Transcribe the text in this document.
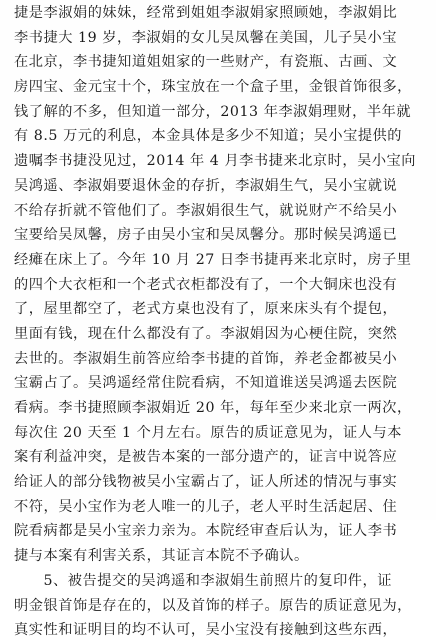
捷是李淑娟的妹妹，经常到姐姐李淑娟家照顾她，李淑娟比
李书捷大 19 岁，李淑娟的女儿吴凤馨在美国，儿子吴小宝
在北京，李书捷知道姐姐家的一些财产，有瓷瓶、古画、文
房四宝、金元宝十个，珠宝放在一个盒子里，金银首饰很多，
钱了解的不多，但知道一部分，2013 年李淑娟理财，半年就
有 8.5 万元的利息，本金具体是多少不知道；吴小宝提供的
遗嘱李书捷没见过，2014 年 4 月李书捷来北京时，吴小宝向
吴鸿遥、李淑娟要退休金的存折，李淑娟生气，吴小宝就说
不给存折就不管他们了。李淑娟很生气，就说财产不给吴小
宝要给吴凤馨，房子由吴小宝和吴凤馨分。那时候吴鸿遥已
经瘫在床上了。今年 10 月 27 日李书捷再来北京时，房子里
的四个大衣柜和一个老式衣柜都没有了，一个大铜床也没有
了，屋里都空了，老式方桌也没有了，原来床头有个提包，
里面有钱，现在什么都没有了。李淑娟因为心梗住院，突然
去世的。李淑娟生前答应给李书捷的首饰，养老金都被吴小
宝霸占了。吴鸿遥经常住院看病，不知道谁送吴鸿遥去医院
看病。李书捷照顾李淑娟近 20 年，每年至少来北京一两次，
每次住 20 天至 1 个月左右。原告的质证意见为，证人与本
案有利益冲突，是被告本案的一部分遗产的，证言中说答应
给证人的部分钱物被吴小宝霸占了，证人所述的情况与事实
不符，吴小宝作为老人唯一的儿子，老人平时生活起居、住
院看病都是吴小宝亲力亲为。本院经审查后认为，证人李书
捷与本案有利害关系，其证言本院不予确认。
　　5、被告提交的吴鸿遥和李淑娟生前照片的复印件，证
明金银首饰是存在的，以及首饰的样子。原告的质证意见为，
真实性和证明目的均不认可，吴小宝没有接触到这些东西，
